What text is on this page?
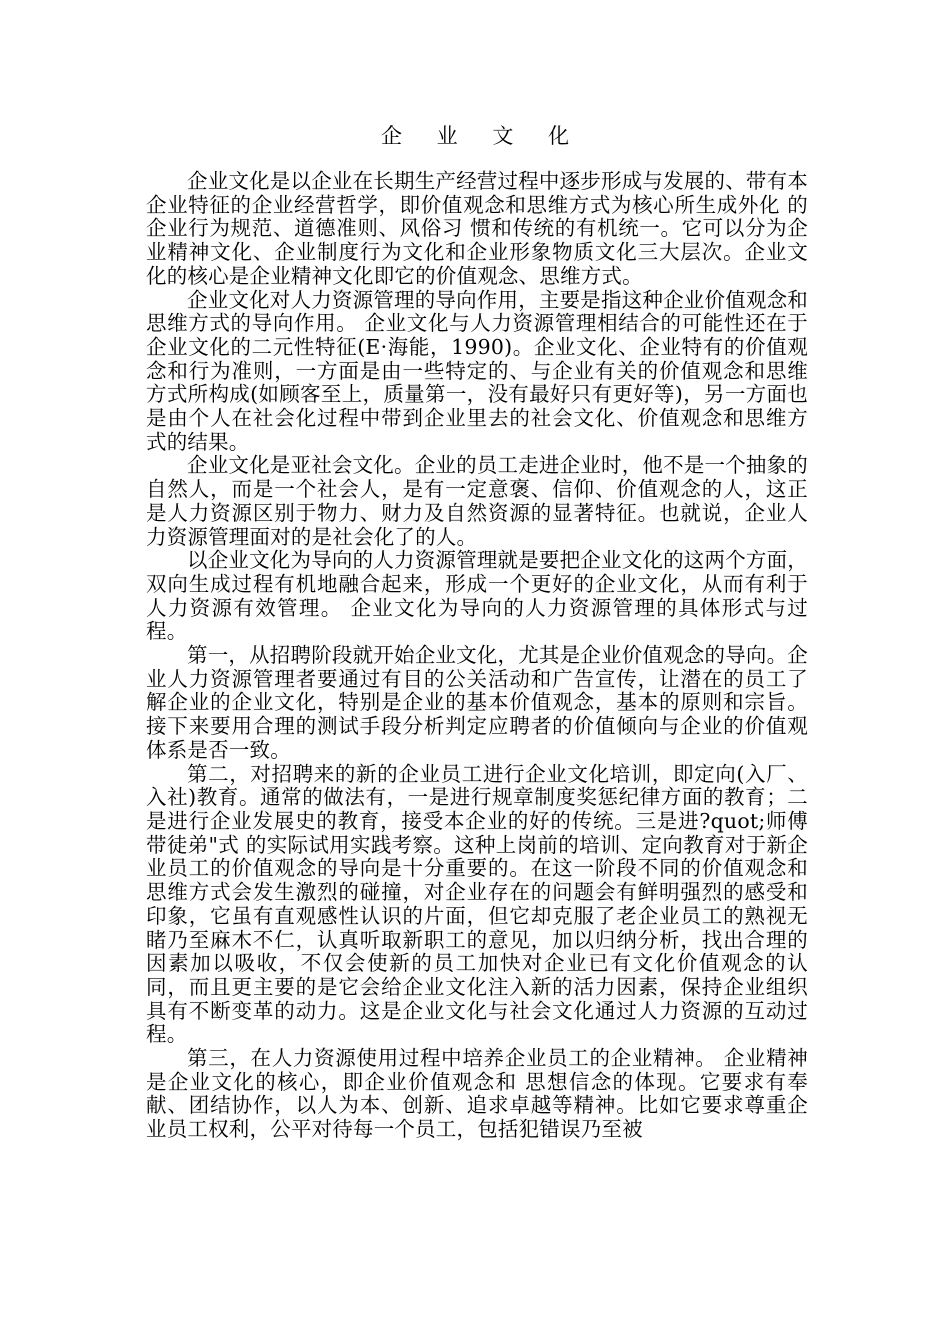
企 业 文 化

企业文化是以企业在长期生产经营过程中逐步形成与发展的、带有本企业特征的企业经营哲学，即价值观念和思维方式为核心所生成外化 的企业行为规范、道德准则、风俗习 惯和传统的有机统一。它可以分为企业精神文化、企业制度行为文化和企业形象物质文化三大层次。企业文化的核心是企业精神文化即它的价值观念、思维方式。

企业文化对人力资源管理的导向作用，主要是指这种企业价值观念和思维方式的导向作用。 企业文化与人力资源管理相结合的可能性还在于企业文化的二元性特征(E·海能，1990)。企业文化、企业特有的价值观念和行为准则，一方面是由一些特定的、与企业有关的价值观念和思维方式所构成(如顾客至上，质量第一，没有最好只有更好等)，另一方面也是由个人在社会化过程中带到企业里去的社会文化、价值观念和思维方式的结果。

企业文化是亚社会文化。企业的员工走进企业时，他不是一个抽象的自然人，而是一个社会人，是有一定意褒、信仰、价值观念的人，这正是人力资源区别于物力、财力及自然资源的显著特征。也就说，企业人力资源管理面对的是社会化了的人。

以企业文化为导向的人力资源管理就是要把企业文化的这两个方面，双向生成过程有机地融合起来，形成一个更好的企业文化，从而有利于人力资源有效管理。 企业文化为导向的人力资源管理的具体形式与过程。

第一，从招聘阶段就开始企业文化，尤其是企业价值观念的导向。企业人力资源管理者要通过有目的公关活动和广告宣传，让潜在的员工了解企业的企业文化，特别是企业的基本价值观念，基本的原则和宗旨。接下来要用合理的测试手段分析判定应聘者的价值倾向与企业的价值观体系是否一致。

第二，对招聘来的新的企业员工进行企业文化培训，即定向(入厂、入社)教育。通常的做法有，一是进行规章制度奖惩纪律方面的教育；二是进行企业发展史的教育，接受本企业的好的传统。三是进?quot;师傅带徒弟"式 的实际试用实践考察。这种上岗前的培训、定向教育对于新企业员工的价值观念的导向是十分重要的。在这一阶段不同的价值观念和思维方式会发生激烈的碰撞，对企业存在的问题会有鲜明强烈的感受和印象，它虽有直观感性认识的片面，但它却克服了老企业员工的熟视无睹乃至麻木不仁，认真听取新职工的意见，加以归纳分析，找出合理的因素加以吸收，不仅会使新的员工加快对企业已有文化价值观念的认同，而且更主要的是它会给企业文化注入新的活力因素，保持企业组织具有不断变革的动力。这是企业文化与社会文化通过人力资源的互动过程。

第三，在人力资源使用过程中培养企业员工的企业精神。 企业精神是企业文化的核心，即企业价值观念和 思想信念的体现。它要求有奉献、团结协作，以人为本、创新、追求卓越等精神。比如它要求尊重企业员工权利，公平对待每一个员工，包括犯错误乃至被
